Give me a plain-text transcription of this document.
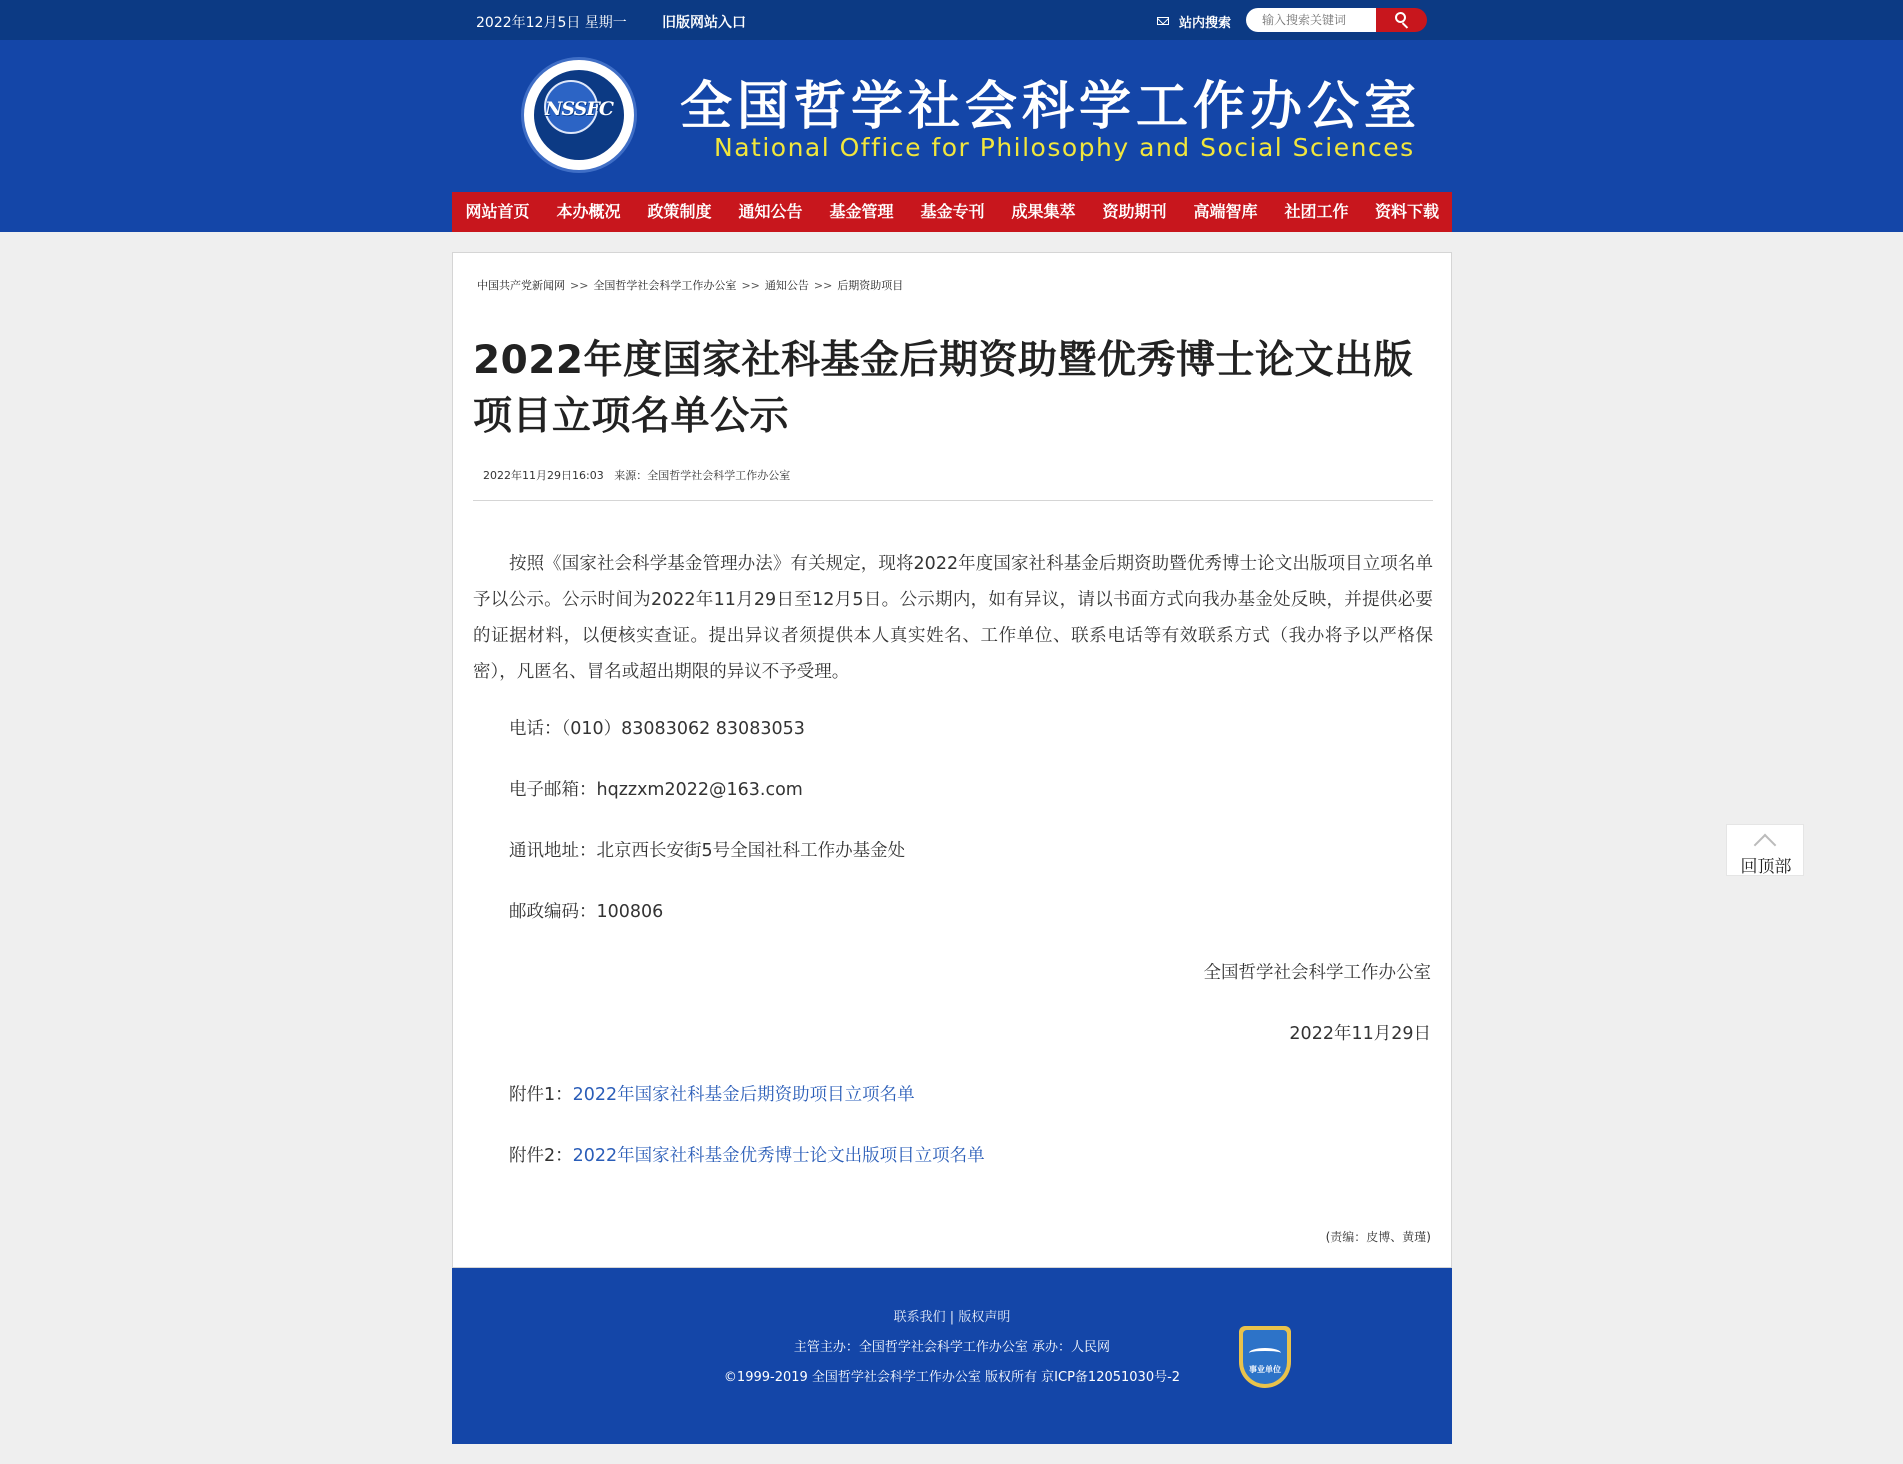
2022年12月5日 星期一	旧版网站入口	站内搜索
输入搜索关键词
NSSFC	全国哲学社会科学工作办公室
National Office for Philosophy and Social Sciences
网站首页	本办概况	政策制度	通知公告	基金管理	基金专刊	成果集萃	资助期刊	高端智库	社团工作	资料下载
中国共产党新闻网 >> 全国哲学社会科学工作办公室 >> 通知公告 >> 后期资助项目
2022年度国家社科基金后期资助暨优秀博士论文出版项目立项名单公示
2022年11月29日16:03 来源：全国哲学社会科学工作办公室

按照《国家社会科学基金管理办法》有关规定，现将2022年度国家社科基金后期资助暨优秀博士论文出版项目立项名单予以公示。公示时间为2022年11月29日至12月5日。公示期内，如有异议，请以书面方式向我办基金处反映，并提供必要的证据材料，以便核实查证。提出异议者须提供本人真实姓名、工作单位、联系电话等有效联系方式（我办将予以严格保密），凡匿名、冒名或超出期限的异议不予受理。

电话：（010）83083062 83083053
电子邮箱：hqzzxm2022@163.com
通讯地址：北京西长安街5号全国社科工作办基金处
邮政编码：100806
全国哲学社会科学工作办公室
2022年11月29日
附件1：2022年国家社科基金后期资助项目立项名单
附件2：2022年国家社科基金优秀博士论文出版项目立项名单
(责编：皮博、黄瑾)
联系我们 | 版权声明
主管主办：全国哲学社会科学工作办公室 承办：人民网
©1999-2019 全国哲学社会科学工作办公室 版权所有 京ICP备12051030号-2
事业单位
回顶部
